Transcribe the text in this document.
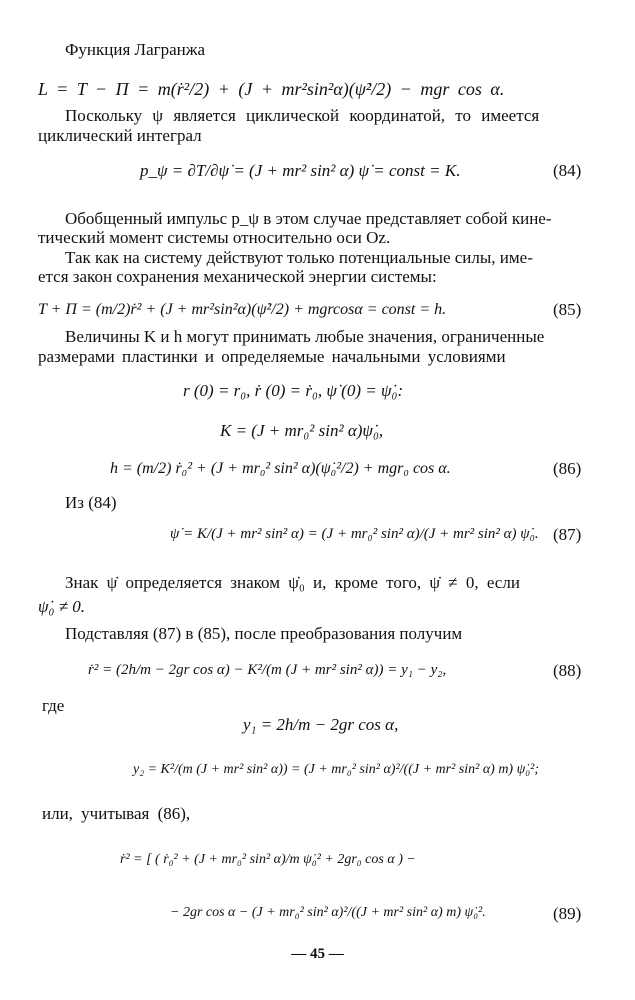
Функция Лагранжа
L = T − П = m(ṙ²/2) + (J + mr²sin²α)(ψ̇²/2) − mgr cos α.
Поскольку ψ является циклической координатой, то имеется
циклический интеграл
p_ψ = ∂T/∂ψ̇ = (J + mr² sin² α) ψ̇ = const = K.	(84)
Обобщенный импульс p_ψ в этом случае представляет собой кине-
тический момент системы относительно оси Oz.
Так как на систему действуют только потенциальные силы, име-
ется закон сохранения механической энергии системы:
T + П = (m/2)ṙ² + (J + mr²sin²α)(ψ̇²/2) + mgrcosα = const = h.	(85)
Величины K и h могут принимать любые значения, ограниченные
размерами пластинки и определяемые начальными условиями
r (0) = r₀, ṙ (0) = ṙ₀, ψ̇ (0) = ψ̇₀:
K = (J + mr₀² sin² α)ψ̇₀,
h = (m/2) ṙ₀² + (J + mr₀² sin² α)(ψ̇₀²/2) + mgr₀ cos α.	(86)
Из (84)
ψ̇ = K/(J + mr² sin² α) = (J + mr₀² sin² α)/(J + mr² sin² α) ψ̇₀. (87)
Знак ψ̇ определяется знаком ψ̇₀ и, кроме того, ψ̇ ≠ 0, если
ψ̇₀ ≠ 0.
Подставляя (87) в (85), после преобразования получим
ṙ² = (2h/m − 2gr cos α) − K²/(m (J + mr² sin² α)) = y₁ − y₂,	(88)
где
y₁ = 2h/m − 2gr cos α,
y₂ = K²/(m (J + mr² sin² α)) = (J + mr₀² sin² α)²/((J + mr² sin² α) m) ψ̇₀²;
или, учитывая (86),
ṙ² = [ ( ṙ₀² + (J + mr₀² sin² α)/m ψ̇₀² + 2gr₀ cos α ) −
− 2gr cos α − (J + mr₀² sin² α)²/((J + mr² sin² α) m) ψ̇₀².	(89)
— 45 —
